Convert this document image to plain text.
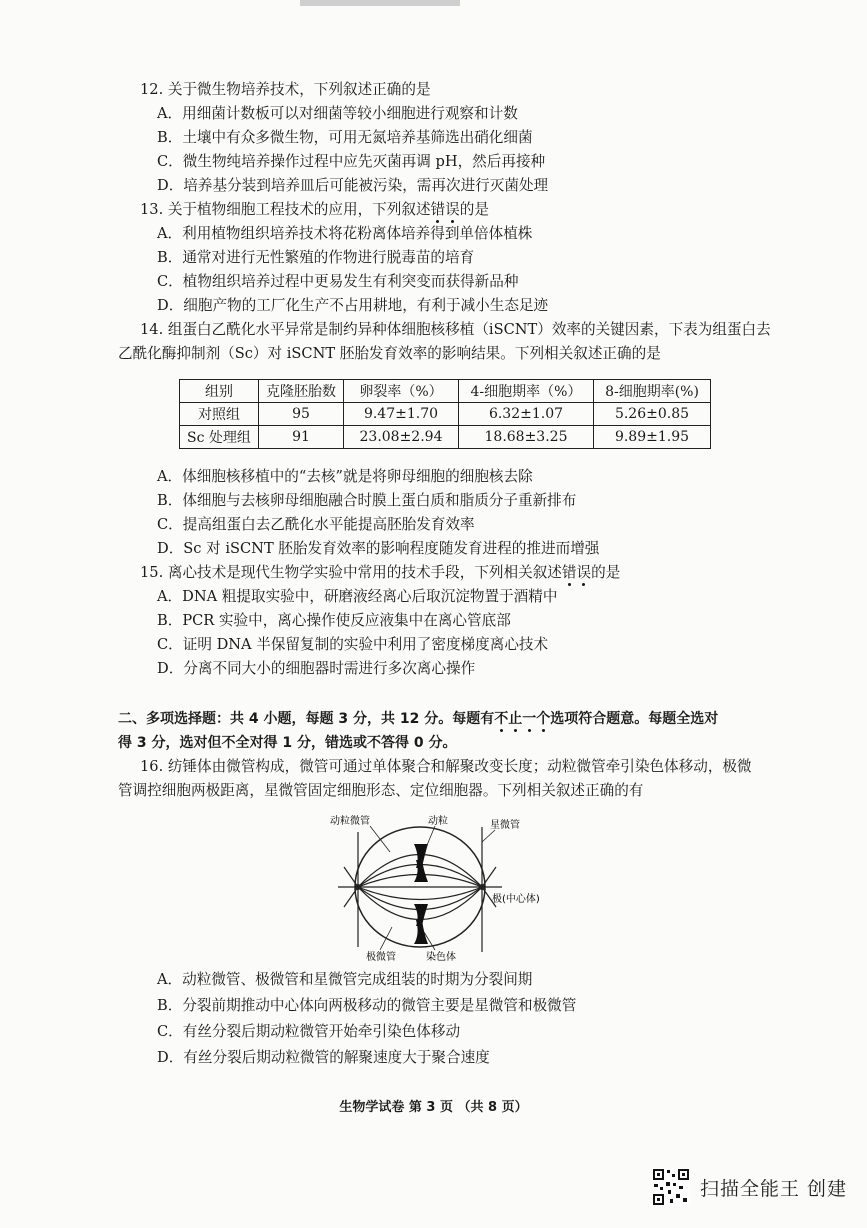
12. 关于微生物培养技术，下列叙述正确的是
A．用细菌计数板可以对细菌等较小细胞进行观察和计数
B．土壤中有众多微生物，可用无氮培养基筛选出硝化细菌
C．微生物纯培养操作过程中应先灭菌再调 pH，然后再接种
D．培养基分装到培养皿后可能被污染，需再次进行灭菌处理
13. 关于植物细胞工程技术的应用，下列叙述错误的是
A．利用植物组织培养技术将花粉离体培养得到单倍体植株
B．通常对进行无性繁殖的作物进行脱毒苗的培育
C．植物组织培养过程中更易发生有利突变而获得新品种
D．细胞产物的工厂化生产不占用耕地，有利于减小生态足迹
14. 组蛋白乙酰化水平异常是制约异种体细胞核移植（iSCNT）效率的关键因素，下表为组蛋白去
乙酰化酶抑制剂（Sc）对 iSCNT 胚胎发育效率的影响结果。下列相关叙述正确的是
组别	克隆胚胎数	卵裂率（%）	4-细胞期率（%）	8-细胞期率(%)
对照组	95	9.47±1.70	6.32±1.07	5.26±0.85
Sc 处理组	91	23.08±2.94	18.68±3.25	9.89±1.95
A．体细胞核移植中的“去核”就是将卵母细胞的细胞核去除
B．体细胞与去核卵母细胞融合时膜上蛋白质和脂质分子重新排布
C．提高组蛋白去乙酰化水平能提高胚胎发育效率
D．Sc 对 iSCNT 胚胎发育效率的影响程度随发育进程的推进而增强
15. 离心技术是现代生物学实验中常用的技术手段，下列相关叙述错误的是
A．DNA 粗提取实验中，研磨液经离心后取沉淀物置于酒精中
B．PCR 实验中，离心操作使反应液集中在离心管底部
C．证明 DNA 半保留复制的实验中利用了密度梯度离心技术
D．分离不同大小的细胞器时需进行多次离心操作
二、多项选择题：共 4 小题，每题 3 分，共 12 分。每题有不止一个选项符合题意。每题全选对
得 3 分，选对但不全对得 1 分，错选或不答得 0 分。
16. 纺锤体由微管构成，微管可通过单体聚合和解聚改变长度；动粒微管牵引染色体移动，极微
管调控细胞两极距离，星微管固定细胞形态、定位细胞器。下列相关叙述正确的有
动粒微管	动粒	星微管
极(中心体)
极微管	染色体
A．动粒微管、极微管和星微管完成组装的时期为分裂间期
B．分裂前期推动中心体向两极移动的微管主要是星微管和极微管
C．有丝分裂后期动粒微管开始牵引染色体移动
D．有丝分裂后期动粒微管的解聚速度大于聚合速度
生物学试卷 第 3 页 （共 8 页）
扫描全能王 创建
